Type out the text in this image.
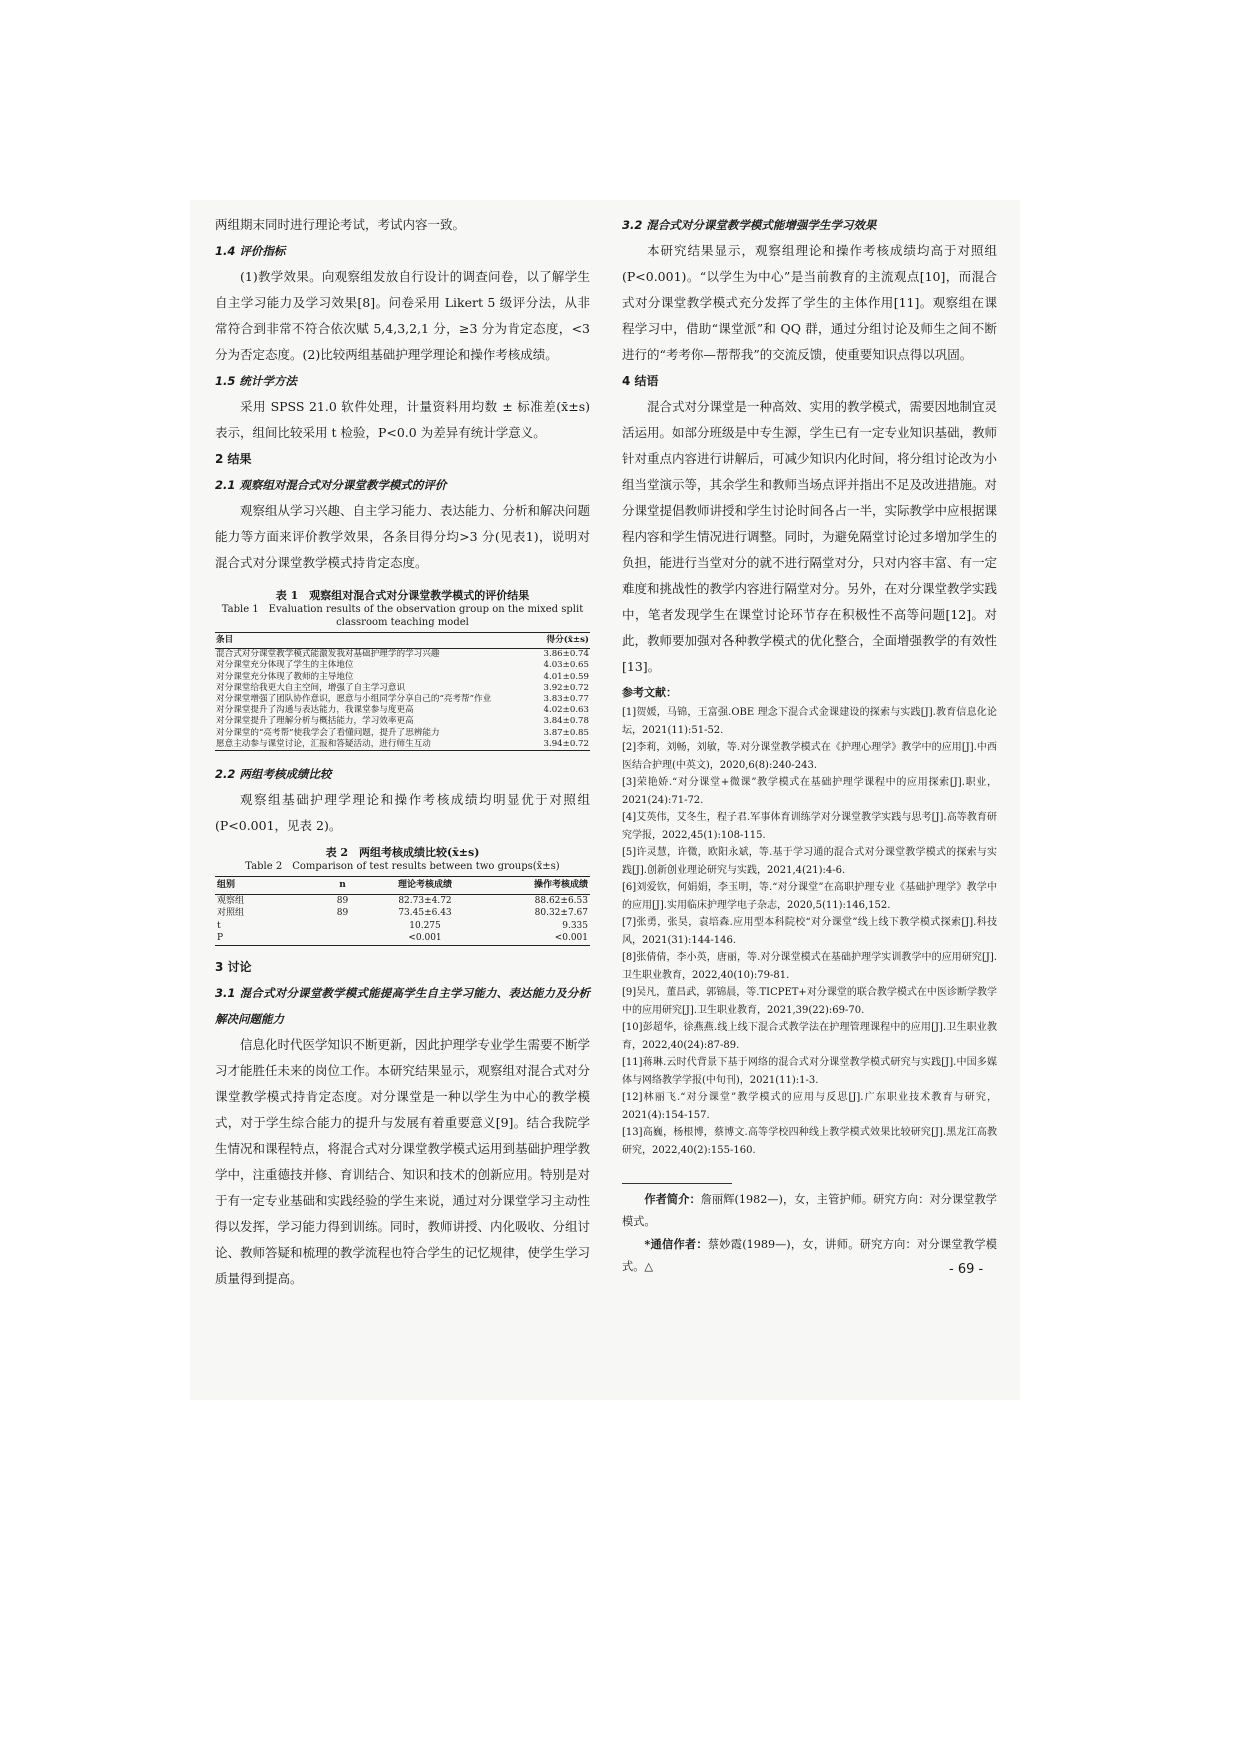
两组期末同时进行理论考试，考试内容一致。

1.4 评价指标

(1)教学效果。向观察组发放自行设计的调查问卷，以了解学生自主学习能力及学习效果[8]。问卷采用 Likert 5 级评分法，从非常符合到非常不符合依次赋 5,4,3,2,1 分，≥3 分为肯定态度，<3 分为否定态度。(2)比较两组基础护理学理论和操作考核成绩。

1.5 统计学方法

采用 SPSS 21.0 软件处理，计量资料用均数 ± 标准差(x̄±s)表示，组间比较采用 t 检验，P<0.0 为差异有统计学意义。

2 结果

2.1 观察组对混合式对分课堂教学模式的评价

观察组从学习兴趣、自主学习能力、表达能力、分析和解决问题能力等方面来评价教学效果，各条目得分均>3 分(见表1)，说明对混合式对分课堂教学模式持肯定态度。

表 1　观察组对混合式对分课堂教学模式的评价结果
Table 1　Evaluation results of the observation group on the mixed split classroom teaching model
条目	得分(x̄±s)
混合式对分课堂教学模式能激发我对基础护理学的学习兴趣	3.86±0.74
对分课堂充分体现了学生的主体地位	4.03±0.65
对分课堂充分体现了教师的主导地位	4.01±0.59
对分课堂给我更大自主空间，增强了自主学习意识	3.92±0.72
对分课堂增强了团队协作意识，愿意与小组同学分享自己的“亮考帮”作业	3.83±0.77
对分课堂提升了沟通与表达能力，我课堂参与度更高	4.02±0.63
对分课堂提升了理解分析与概括能力，学习效率更高	3.84±0.78
对分课堂的“亮考帮”使我学会了看懂问题，提升了思辨能力	3.87±0.85
愿意主动参与课堂讨论，汇报和答疑活动，进行师生互动	3.94±0.72

2.2 两组考核成绩比较

观察组基础护理学理论和操作考核成绩均明显优于对照组(P<0.001，见表 2)。

表 2　两组考核成绩比较(x̄±s)
Table 2　Comparison of test results between two groups(x̄±s)
组别	n	理论考核成绩	操作考核成绩
观察组	89	82.73±4.72	88.62±6.53
对照组	89	73.45±6.43	80.32±7.67
t		10.275	9.335
P		<0.001	<0.001

3 讨论

3.1 混合式对分课堂教学模式能提高学生自主学习能力、表达能力及分析解决问题能力

信息化时代医学知识不断更新，因此护理学专业学生需要不断学习才能胜任未来的岗位工作。本研究结果显示，观察组对混合式对分课堂教学模式持肯定态度。对分课堂是一种以学生为中心的教学模式，对于学生综合能力的提升与发展有着重要意义[9]。结合我院学生情况和课程特点，将混合式对分课堂教学模式运用到基础护理学教学中，注重德技并修、育训结合、知识和技术的创新应用。特别是对于有一定专业基础和实践经验的学生来说，通过对分课堂学习主动性得以发挥，学习能力得到训练。同时，教师讲授、内化吸收、分组讨论、教师答疑和梳理的教学流程也符合学生的记忆规律，使学生学习质量得到提高。

3.2 混合式对分课堂教学模式能增强学生学习效果

本研究结果显示，观察组理论和操作考核成绩均高于对照组(P<0.001)。“以学生为中心”是当前教育的主流观点[10]，而混合式对分课堂教学模式充分发挥了学生的主体作用[11]。观察组在课程学习中，借助“课堂派”和 QQ 群，通过分组讨论及师生之间不断进行的“考考你—帮帮我”的交流反馈，使重要知识点得以巩固。

4 结语

混合式对分课堂是一种高效、实用的教学模式，需要因地制宜灵活运用。如部分班级是中专生源，学生已有一定专业知识基础，教师针对重点内容进行讲解后，可减少知识内化时间，将分组讨论改为小组当堂演示等，其余学生和教师当场点评并指出不足及改进措施。对分课堂提倡教师讲授和学生讨论时间各占一半，实际教学中应根据课程内容和学生情况进行调整。同时，为避免隔堂讨论过多增加学生的负担，能进行当堂对分的就不进行隔堂对分，只对内容丰富、有一定难度和挑战性的教学内容进行隔堂对分。另外，在对分课堂教学实践中，笔者发现学生在课堂讨论环节存在积极性不高等问题[12]。对此，教师要加强对各种教学模式的优化整合，全面增强教学的有效性[13]。

参考文献：
[1]贺媛，马锦，王富强.OBE 理念下混合式金课建设的探索与实践[J].教育信息化论坛，2021(11):51-52.
[2]李莉，刘畅，刘敏，等.对分课堂教学模式在《护理心理学》教学中的应用[J].中西医结合护理(中英文)，2020,6(8):240-243.
[3]荣艳娇.“对分课堂+微课”教学模式在基础护理学课程中的应用探索[J].职业，2021(24):71-72.
[4]艾英伟，艾冬生，程子君.军事体育训练学对分课堂教学实践与思考[J].高等教育研究学报，2022,45(1):108-115.
[5]许灵慧，许微，欧阳永斌，等.基于学习通的混合式对分课堂教学模式的探索与实践[J].创新创业理论研究与实践，2021,4(21):4-6.
[6]刘爱钦，何娟娟，李玉明，等.“对分课堂”在高职护理专业《基础护理学》教学中的应用[J].实用临床护理学电子杂志，2020,5(11):146,152.
[7]张勇，张昊，袁培森.应用型本科院校“对分课堂”线上线下教学模式探索[J].科技风，2021(31):144-146.
[8]张倩倩，李小英，唐丽，等.对分课堂模式在基础护理学实训教学中的应用研究[J].卫生职业教育，2022,40(10):79-81.
[9]吴凡，董昌武，郭锦晨，等.TICPET+对分课堂的联合教学模式在中医诊断学教学中的应用研究[J].卫生职业教育，2021,39(22):69-70.
[10]彭超华，徐燕燕.线上线下混合式教学法在护理管理课程中的应用[J].卫生职业教育，2022,40(24):87-89.
[11]蒋琳.云时代背景下基于网络的混合式对分课堂教学模式研究与实践[J].中国多媒体与网络教学学报(中旬刊)，2021(11):1-3.
[12]林丽飞.“对分课堂”教学模式的应用与反思[J].广东职业技术教育与研究，2021(4):154-157.
[13]高巍，杨根博，蔡博文.高等学校四种线上教学模式效果比较研究[J].黑龙江高教研究，2022,40(2):155-160.

作者简介：詹丽辉(1982—)，女，主管护师。研究方向：对分课堂教学模式。

*通信作者：蔡妙霞(1989—)，女，讲师。研究方向：对分课堂教学模式。△	- 69 -
